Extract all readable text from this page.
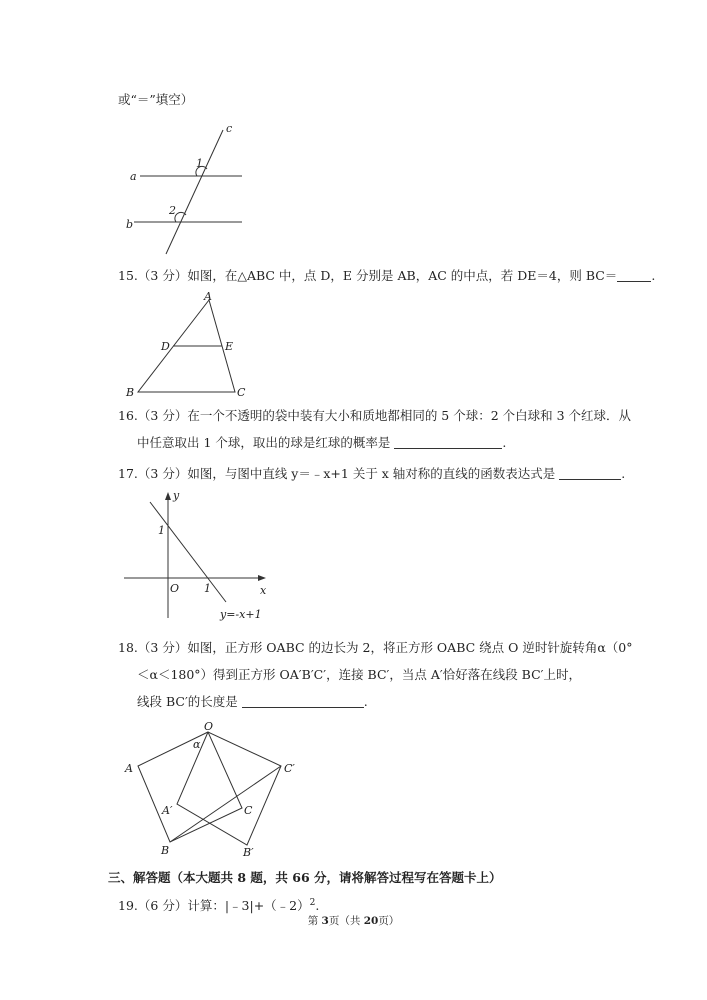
或“＝”填空）
c
a
b
1
2
15.（3 分）如图，在△ABC 中，点 D，E 分别是 AB，AC 的中点，若 DE＝4，则 BC＝	.
A
B	C
D	E
16.（3 分）在一个不透明的袋中装有大小和质地都相同的 5 个球：2 个白球和 3 个红球．从
中任意取出 1 个球，取出的球是红球的概率是	.
17.（3 分）如图，与图中直线 y＝﹣x+1 关于 x 轴对称的直线的函数表达式是	.
y
x
O
1
1
y=-x+1
18.（3 分）如图，正方形 OABC 的边长为 2，将正方形 OABC 绕点 O 逆时针旋转角α（0°
＜α＜180°）得到正方形 OA′B′C′，连接 BC′，当点 A′恰好落在线段 BC′上时，
线段 BC′的长度是	.
O
α
A	C′
A′	C
B	B′
三、解答题（本大题共 8 题，共 66 分，请将解答过程写在答题卡上）
19.（6 分）计算：|﹣3|+（﹣2）$^2$.
第 3页（共 20页）
